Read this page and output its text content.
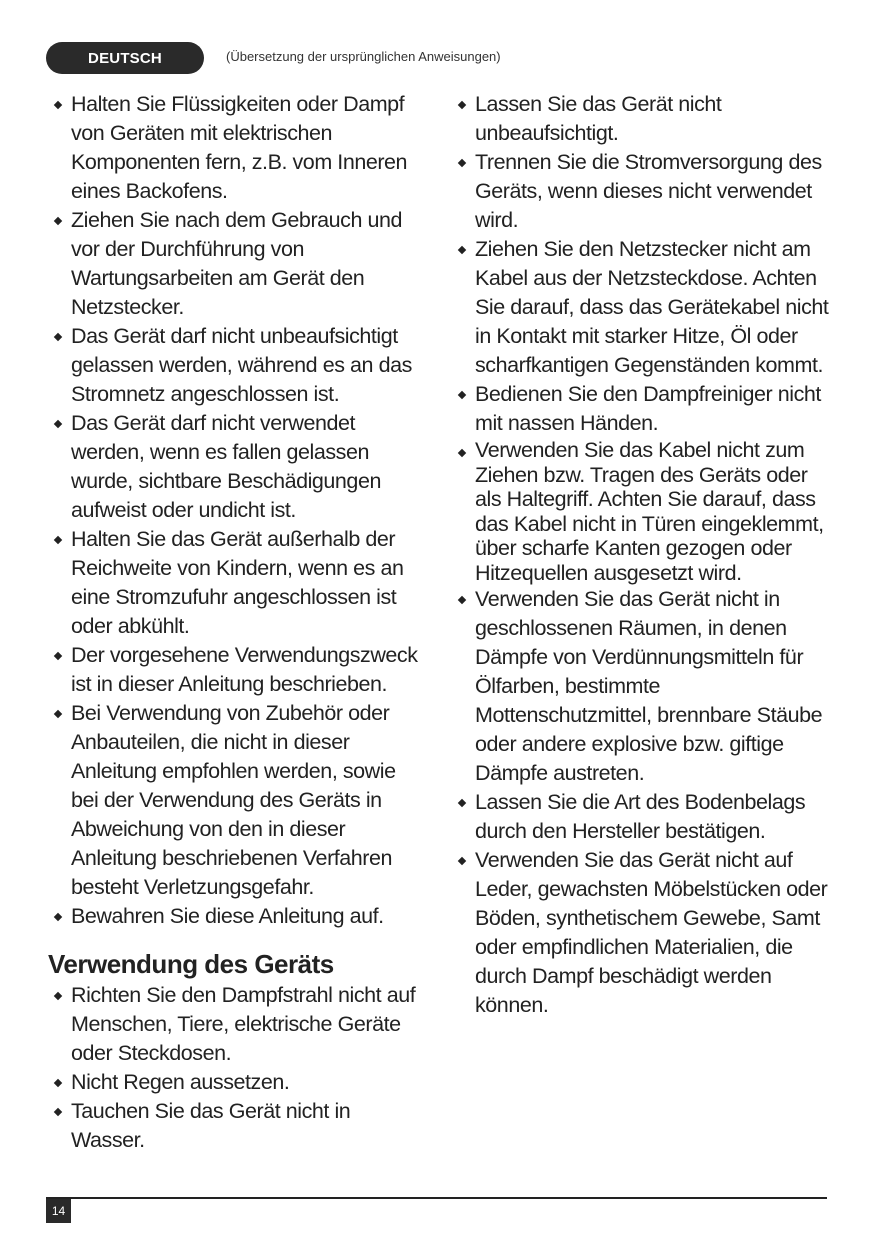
DEUTSCH	(Übersetzung der ursprünglichen Anweisungen)
Halten Sie Flüssigkeiten oder Dampf von Geräten mit elektrischen Komponenten fern, z.B. vom Inneren eines Backofens.
Ziehen Sie nach dem Gebrauch und vor der Durchführung von Wartungsarbeiten am Gerät den Netzstecker.
Das Gerät darf nicht unbeaufsichtigt gelassen werden, während es an das Stromnetz angeschlossen ist.
Das Gerät darf nicht verwendet werden, wenn es fallen gelassen wurde, sichtbare Beschädigungen aufweist oder undicht ist.
Halten Sie das Gerät außerhalb der Reichweite von Kindern, wenn es an eine Stromzufuhr angeschlossen ist oder abkühlt.
Der vorgesehene Verwendungszweck ist in dieser Anleitung beschrieben.
Bei Verwendung von Zubehör oder Anbauteilen, die nicht in dieser Anleitung empfohlen werden, sowie bei der Verwendung des Geräts in Abweichung von den in dieser Anleitung beschriebenen Verfahren besteht Verletzungsgefahr.
Bewahren Sie diese Anleitung auf.
Verwendung des Geräts
Richten Sie den Dampfstrahl nicht auf Menschen, Tiere, elektrische Geräte oder Steckdosen.
Nicht Regen aussetzen.
Tauchen Sie das Gerät nicht in Wasser.
Lassen Sie das Gerät nicht unbeaufsichtigt.
Trennen Sie die Stromversorgung des Geräts, wenn dieses nicht verwendet wird.
Ziehen Sie den Netzstecker nicht am Kabel aus der Netzsteckdose. Achten Sie darauf, dass das Gerätekabel nicht in Kontakt mit starker Hitze, Öl oder scharfkantigen Gegenständen kommt.
Bedienen Sie den Dampfreiniger nicht mit nassen Händen.
Verwenden Sie das Kabel nicht zum Ziehen bzw. Tragen des Geräts oder als Haltegriff. Achten Sie darauf, dass das Kabel nicht in Türen eingeklemmt, über scharfe Kanten gezogen oder Hitzequellen ausgesetzt wird.
Verwenden Sie das Gerät nicht in geschlossenen Räumen, in denen Dämpfe von Verdünnungsmitteln für Ölfarben, bestimmte Mottenschutzmittel, brennbare Stäube oder andere explosive bzw. giftige Dämpfe austreten.
Lassen Sie die Art des Bodenbelags durch den Hersteller bestätigen.
Verwenden Sie das Gerät nicht auf Leder, gewachsten Möbelstücken oder Böden, synthetischem Gewebe, Samt oder empfindlichen Materialien, die durch Dampf beschädigt werden können.
14
